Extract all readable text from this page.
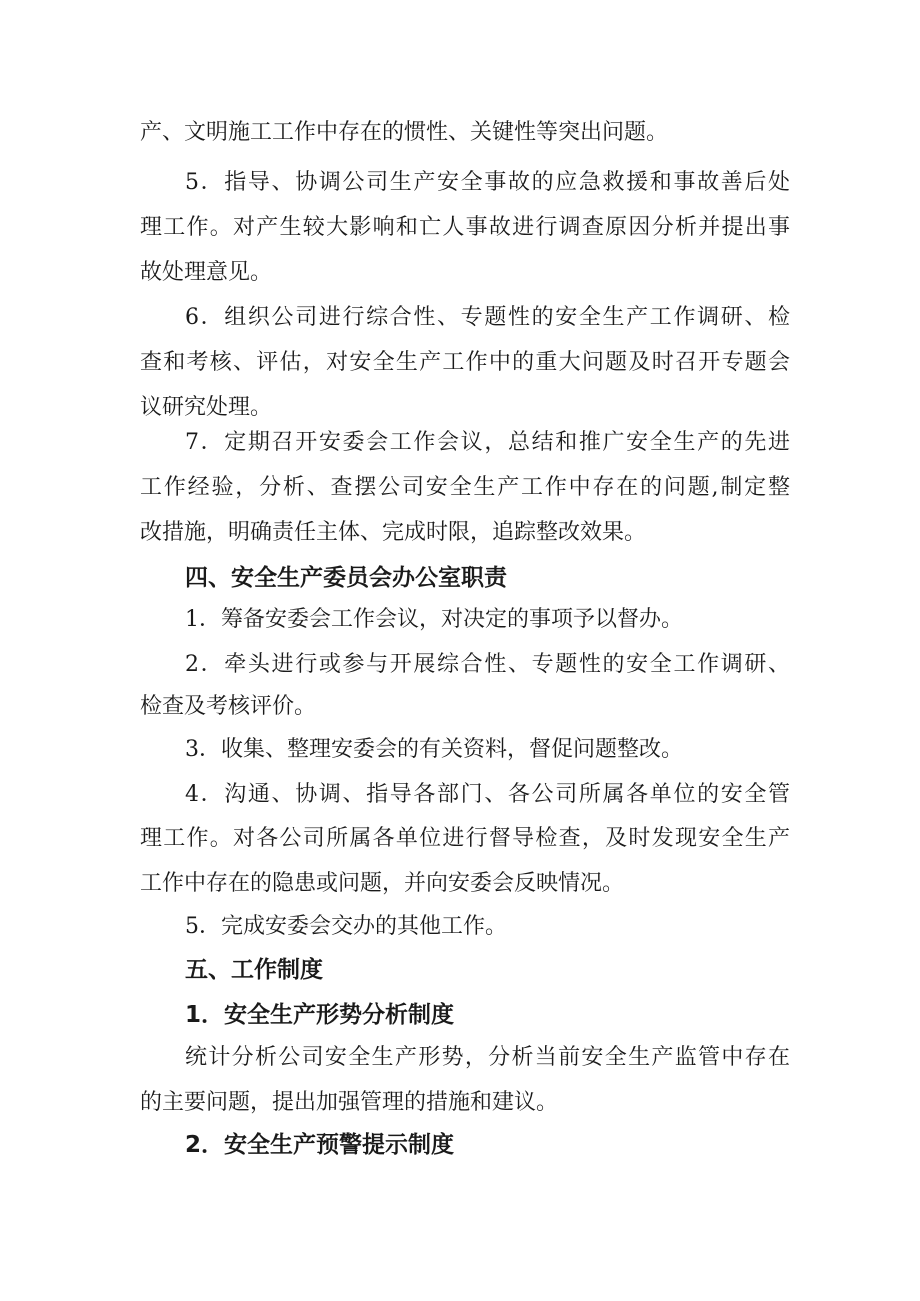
产、文明施工工作中存在的惯性、关键性等突出问题。
5．指导、协调公司生产安全事故的应急救援和事故善后处
理工作。对产生较大影响和亡人事故进行调查原因分析并提出事
故处理意见。
6．组织公司进行综合性、专题性的安全生产工作调研、检
查和考核、评估，对安全生产工作中的重大问题及时召开专题会
议研究处理。
7．定期召开安委会工作会议，总结和推广安全生产的先进
工作经验，分析、查摆公司安全生产工作中存在的问题,制定整
改措施，明确责任主体、完成时限，追踪整改效果。
四、安全生产委员会办公室职责
1．筹备安委会工作会议，对决定的事项予以督办。
2．牵头进行或参与开展综合性、专题性的安全工作调研、
检查及考核评价。
3．收集、整理安委会的有关资料，督促问题整改。
4．沟通、协调、指导各部门、各公司所属各单位的安全管
理工作。对各公司所属各单位进行督导检查，及时发现安全生产
工作中存在的隐患或问题，并向安委会反映情况。
5．完成安委会交办的其他工作。
五、工作制度
1．安全生产形势分析制度
统计分析公司安全生产形势，分析当前安全生产监管中存在
的主要问题，提出加强管理的措施和建议。
2．安全生产预警提示制度
